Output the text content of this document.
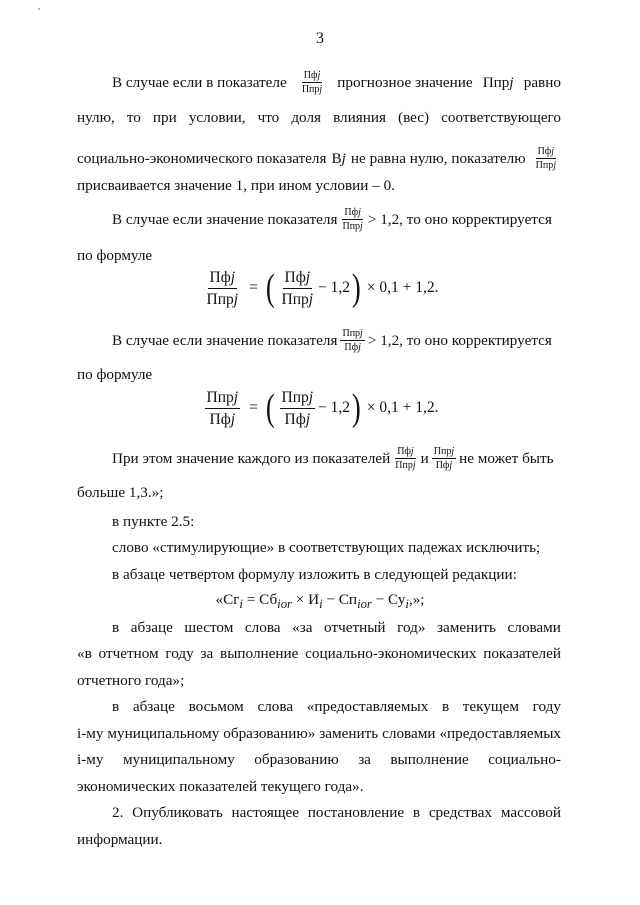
3
В случае если в показателе $\frac{\text{Пфj}}{\text{Ппрj}}$ прогнозное значение Ппрj равно
нулю, то при условии, что доля влияния (вес) соответствующего
социально-экономического показателя Вj не равна нулю, показателю $\frac{\text{Пфj}}{\text{Ппрj}}$
присваивается значение 1, при ином условии – 0.
В случае если значение показателя $\frac{\text{Пфj}}{\text{Ппрj}} > 1,2$, то оно корректируется
по формуле
$\frac{\text{Пфj}}{\text{Ппрj}}$ = ( $\frac{\text{Пфj}}{\text{Ппрj}} - 1,2$ ) × 0,1 + 1,2.
В случае если значение показателя $\frac{\text{Ппрj}}{\text{Пфj}} > 1,2$, то оно корректируется
по формуле
$\frac{\text{Ппрj}}{\text{Пфj}}$ = ( $\frac{\text{Ппрj}}{\text{Пфj}} - 1,2$ ) × 0,1 + 1,2.
При этом значение каждого из показателей $\frac{\text{Пфj}}{\text{Ппрj}}$ и $\frac{\text{Ппрj}}{\text{Пфj}}$ не может быть
больше 1,3.»;
в пункте 2.5:
слово «стимулирующие» в соответствующих падежах исключить;
в абзаце четвертом формулу изложить в следующей редакции:
«$Сг_i = Сб_{ior} \times И_i - Сп_{ior} - Су_i$,»;
в абзаце шестом слова «за отчетный год» заменить словами
«в отчетном году за выполнение социально-экономических показателей
отчетного года»;
в абзаце восьмом слова «предоставляемых в текущем году
i-му муниципальному образованию» заменить словами «предоставляемых
i-му муниципальному образованию за выполнение социально-
экономических показателей текущего года».
2. Опубликовать настоящее постановление в средствах массовой
информации.
